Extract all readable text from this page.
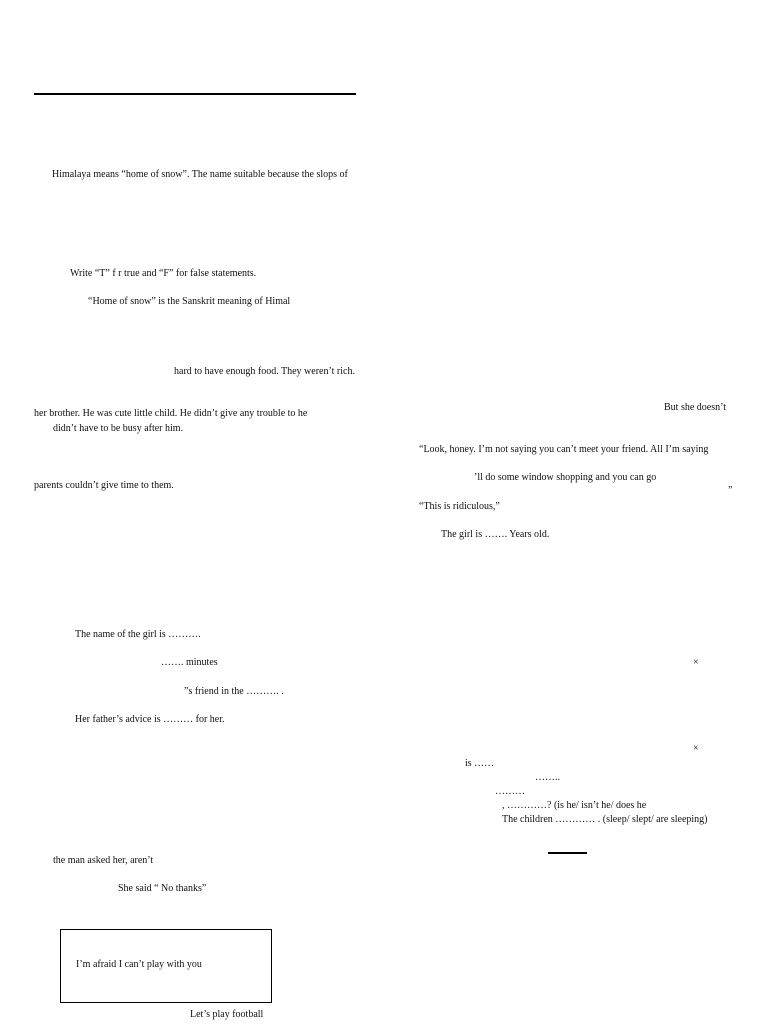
Himalaya means “home of snow”. The name suitable because the slops of
Write “T” f r true and “F” for false statements.
“Home of snow” is the Sanskrit meaning of Himal
hard to have enough food. They weren’t rich.
her brother. He was cute little child. He didn’t give any trouble to he
didn’t have to be busy after him.
parents couldn’t give time to them.
The name of the girl is ……….
……. minutes
”s friend in the ………. .
Her father’s advice is ……… for her.
the man asked her, aren’t
She said “ No thanks”
I’m afraid I can’t play with you
Let’s play football
But she doesn’t
“Look, honey. I’m not saying you can’t meet your friend. All I’m saying
’ll do some window shopping and you can go
”
“This is ridiculous,”
The girl is ……. Years old.
×
×
is ……
……..
………
, …………? (is he/ isn’t he/ does he
The children ………… . (sleep/ slept/ are sleeping)
